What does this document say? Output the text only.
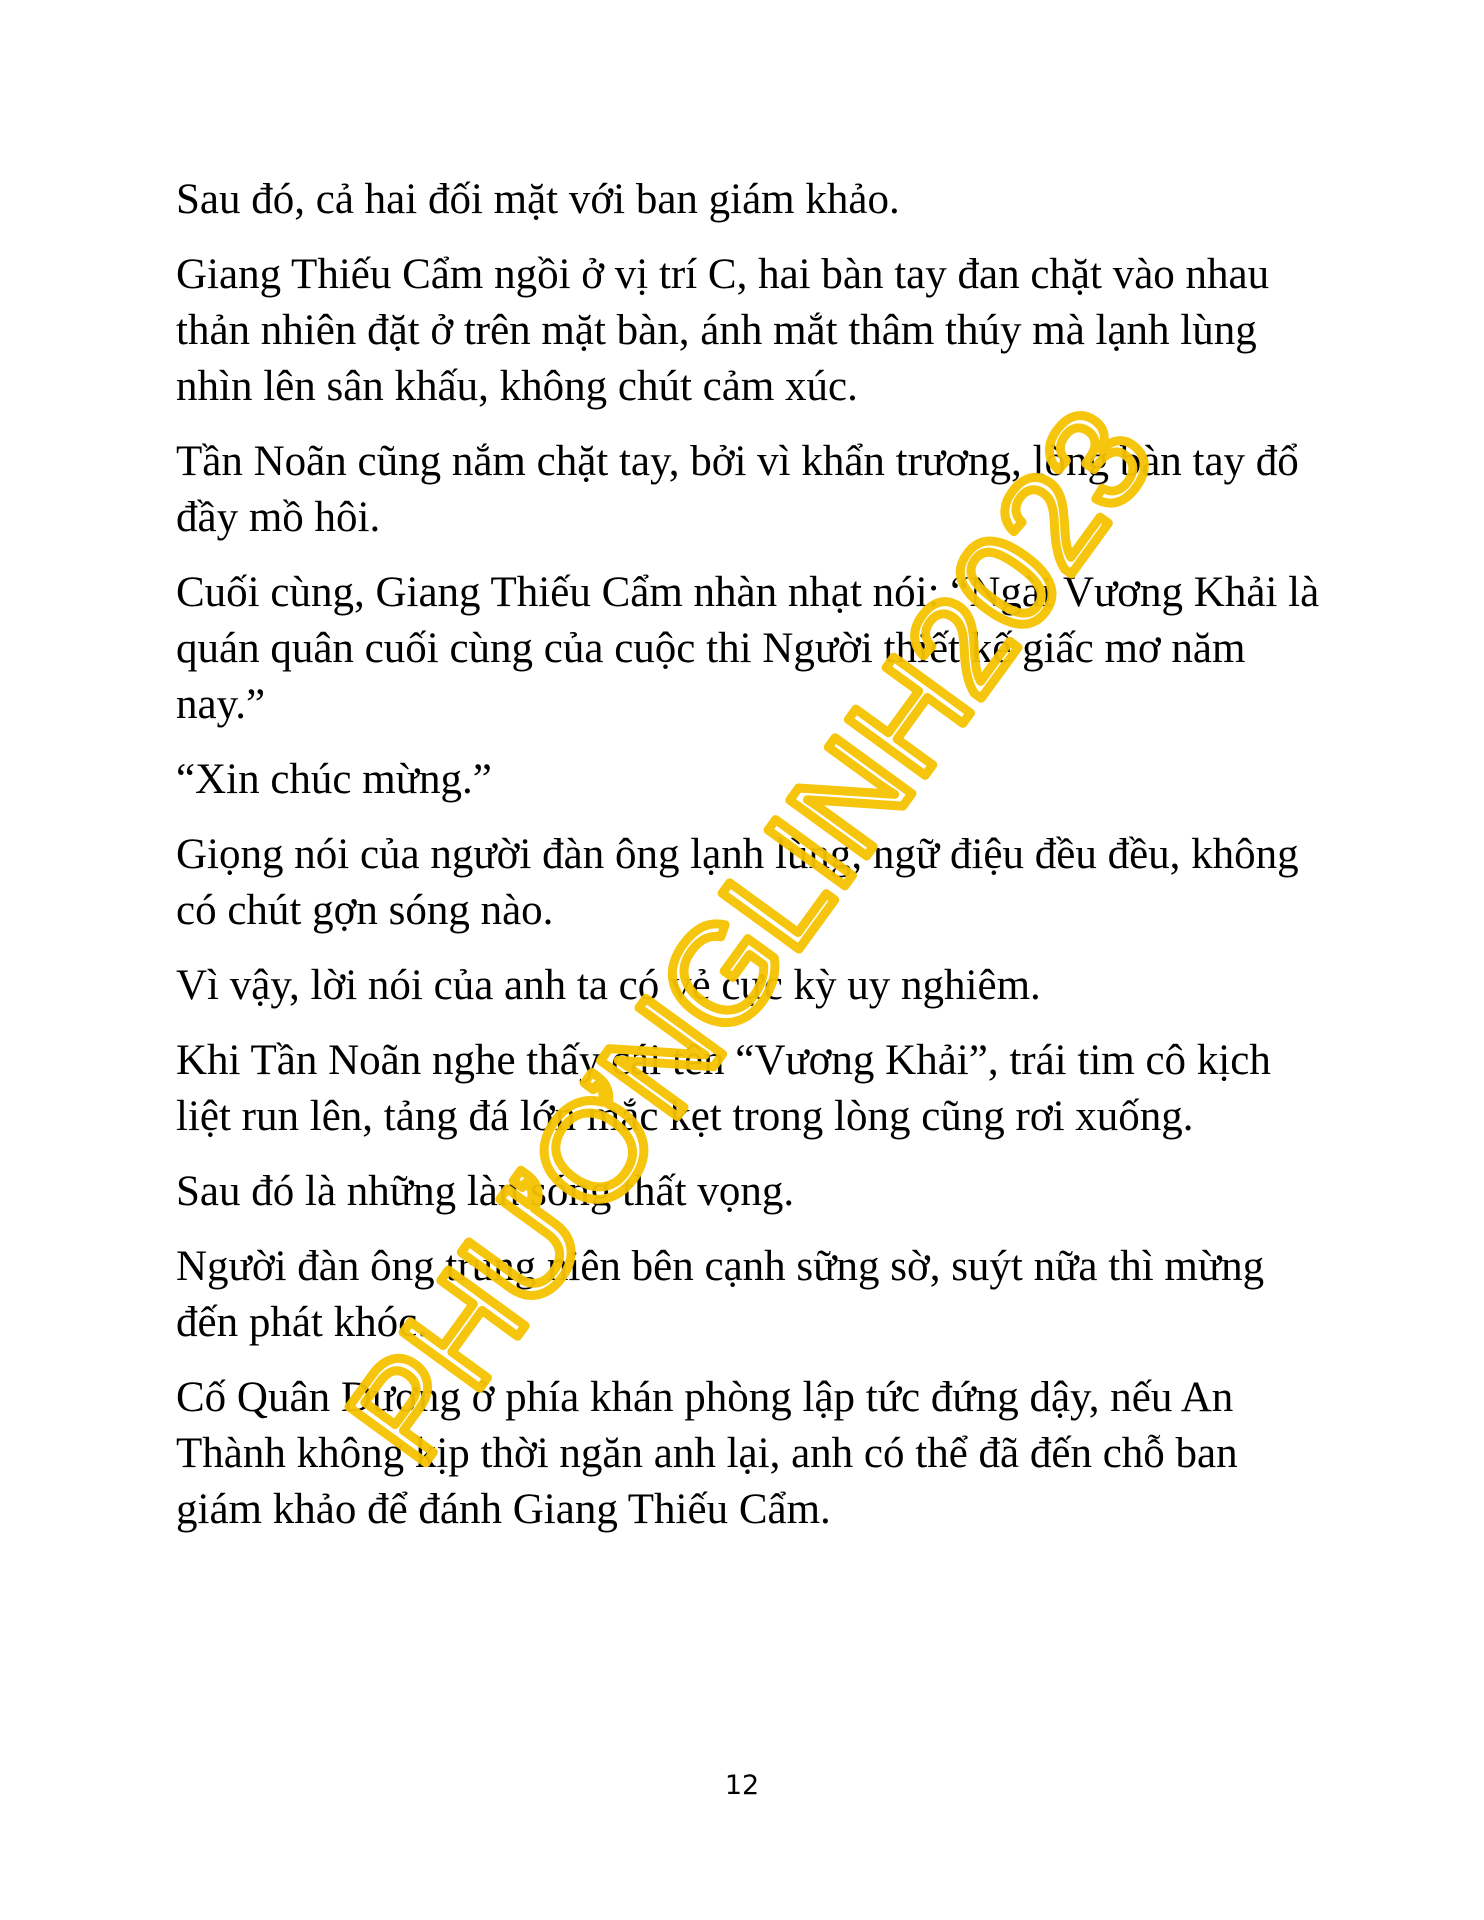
Sau đó, cả hai đối mặt với ban giám khảo.

Giang Thiếu Cẩm ngồi ở vị trí C, hai bàn tay đan chặt vào nhau thản nhiên đặt ở trên mặt bàn, ánh mắt thâm thúy mà lạnh lùng nhìn lên sân khấu, không chút cảm xúc.

Tần Noãn cũng nắm chặt tay, bởi vì khẩn trương, lòng bàn tay đổ đầy mồ hôi.

Cuối cùng, Giang Thiếu Cẩm nhàn nhạt nói: “Ngài Vương Khải là quán quân cuối cùng của cuộc thi Người thiết kế giấc mơ năm nay.”

“Xin chúc mừng.”

Giọng nói của người đàn ông lạnh lùng, ngữ điệu đều đều, không có chút gợn sóng nào.

Vì vậy, lời nói của anh ta có vẻ cực kỳ uy nghiêm.

Khi Tần Noãn nghe thấy cái tên “Vương Khải”, trái tim cô kịch liệt run lên, tảng đá lớn mắc kẹt trong lòng cũng rơi xuống.

Sau đó là những làn sóng thất vọng.

Người đàn ông trung niên bên cạnh sững sờ, suýt nữa thì mừng đến phát khóc.

Cố Quân Dương ở phía khán phòng lập tức đứng dậy, nếu An Thành không kịp thời ngăn anh lại, anh có thể đã đến chỗ ban giám khảo để đánh Giang Thiếu Cẩm.

12
